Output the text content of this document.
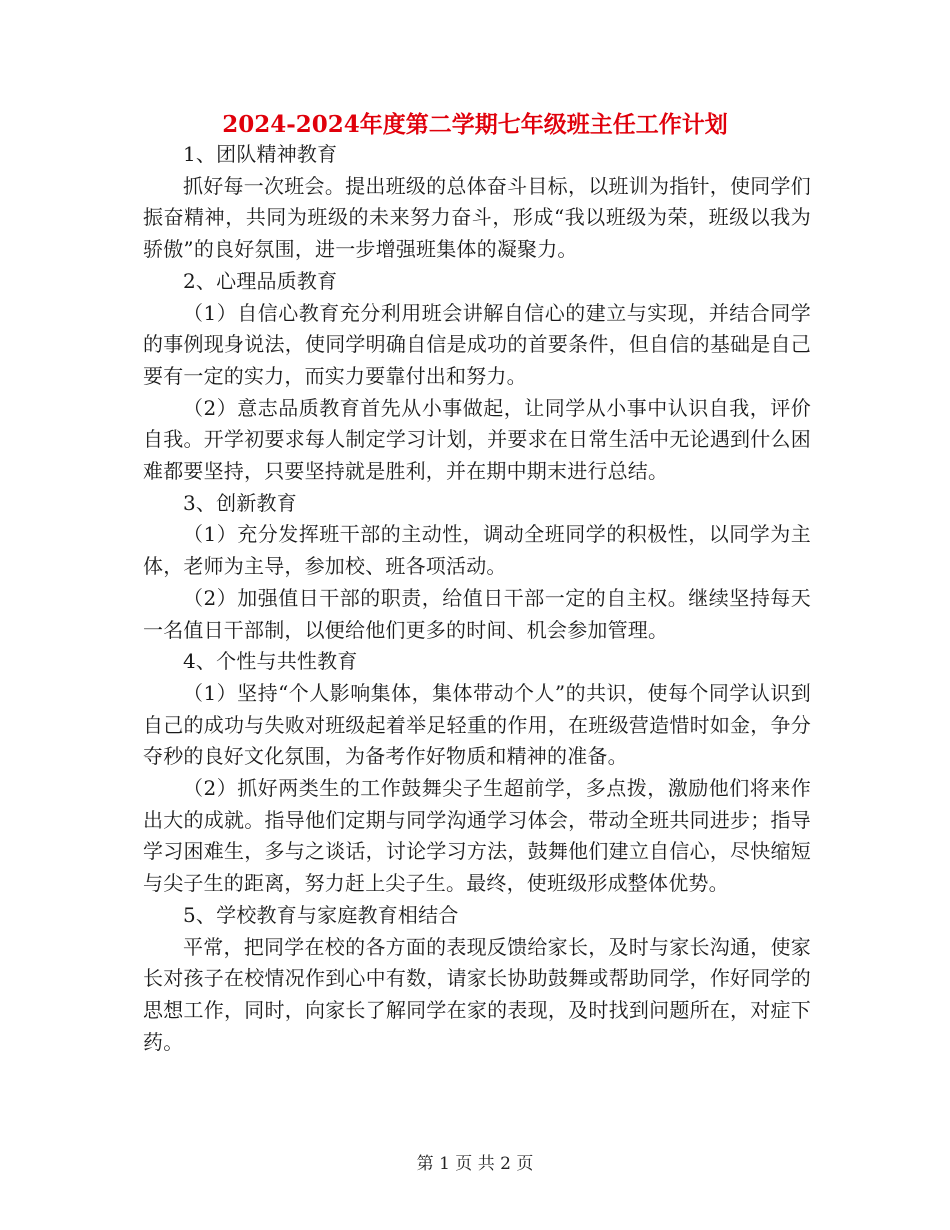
2024-2024年度第二学期七年级班主任工作计划

1、团队精神教育

抓好每一次班会。提出班级的总体奋斗目标，以班训为指针，使同学们振奋精神，共同为班级的未来努力奋斗，形成“我以班级为荣，班级以我为骄傲”的良好氛围，进一步增强班集体的凝聚力。

2、心理品质教育

（1）自信心教育充分利用班会讲解自信心的建立与实现，并结合同学的事例现身说法，使同学明确自信是成功的首要条件，但自信的基础是自己要有一定的实力，而实力要靠付出和努力。

（2）意志品质教育首先从小事做起，让同学从小事中认识自我，评价自我。开学初要求每人制定学习计划，并要求在日常生活中无论遇到什么困难都要坚持，只要坚持就是胜利，并在期中期末进行总结。

3、创新教育

（1）充分发挥班干部的主动性，调动全班同学的积极性，以同学为主体，老师为主导，参加校、班各项活动。

（2）加强值日干部的职责，给值日干部一定的自主权。继续坚持每天一名值日干部制，以便给他们更多的时间、机会参加管理。

4、个性与共性教育

（1）坚持“个人影响集体，集体带动个人”的共识，使每个同学认识到自己的成功与失败对班级起着举足轻重的作用，在班级营造惜时如金，争分夺秒的良好文化氛围，为备考作好物质和精神的准备。

（2）抓好两类生的工作鼓舞尖子生超前学，多点拨，激励他们将来作出大的成就。指导他们定期与同学沟通学习体会，带动全班共同进步；指导学习困难生，多与之谈话，讨论学习方法，鼓舞他们建立自信心，尽快缩短与尖子生的距离，努力赶上尖子生。最终，使班级形成整体优势。

5、学校教育与家庭教育相结合

平常，把同学在校的各方面的表现反馈给家长，及时与家长沟通，使家长对孩子在校情况作到心中有数，请家长协助鼓舞或帮助同学，作好同学的思想工作，同时，向家长了解同学在家的表现，及时找到问题所在，对症下药。

第 1 页 共 2 页
